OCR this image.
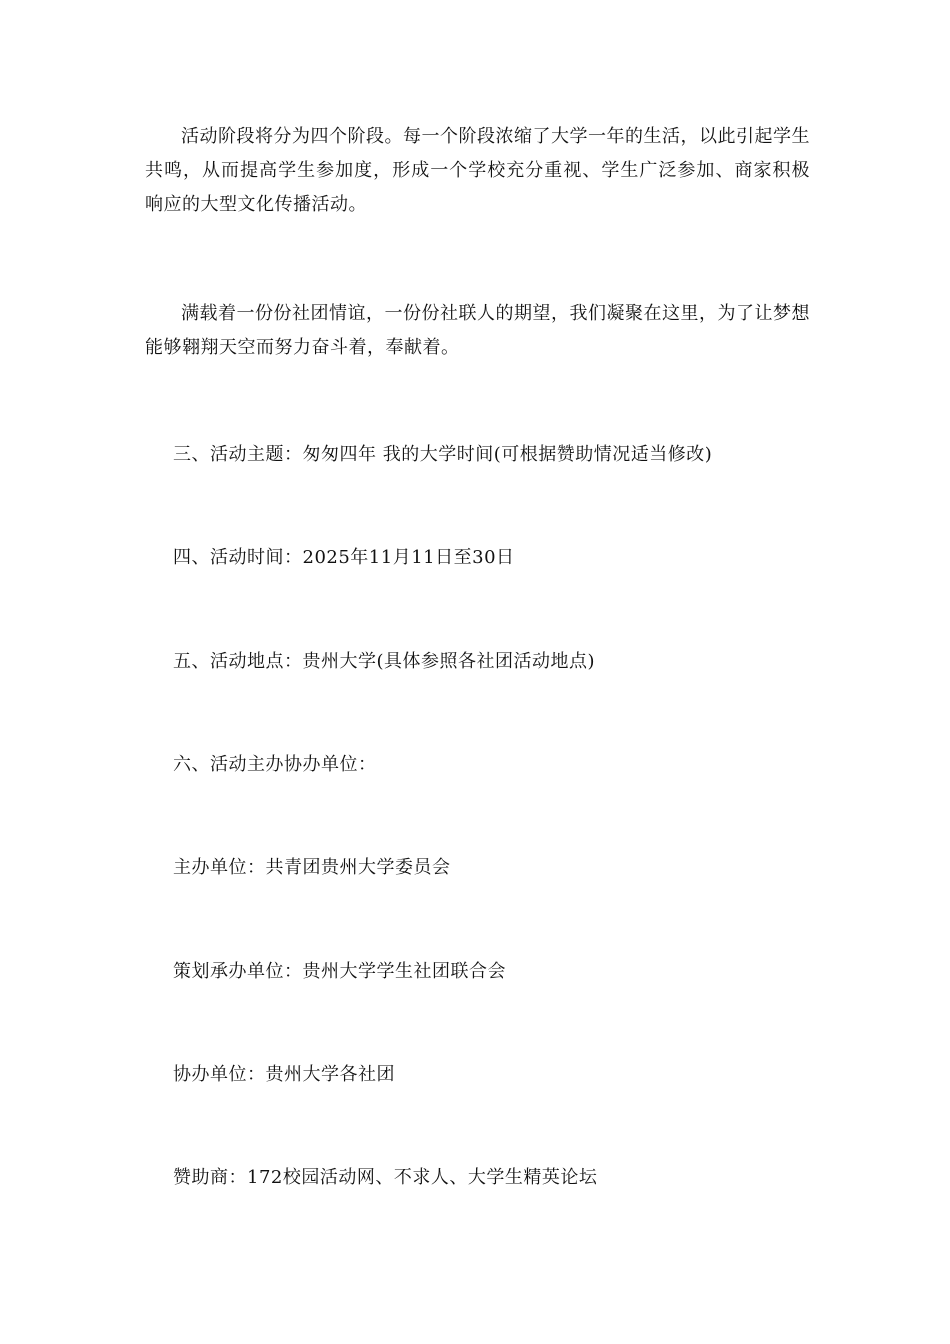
活动阶段将分为四个阶段。每一个阶段浓缩了大学一年的生活，以此引起学生共鸣，从而提高学生参加度，形成一个学校充分重视、学生广泛参加、商家积极响应的大型文化传播活动。

满载着一份份社团情谊，一份份社联人的期望，我们凝聚在这里，为了让梦想能够翱翔天空而努力奋斗着，奉献着。

三、活动主题：匆匆四年 我的大学时间(可根据赞助情况适当修改)

四、活动时间：2025年11月11日至30日

五、活动地点：贵州大学(具体参照各社团活动地点)

六、活动主办协办单位：

主办单位：共青团贵州大学委员会

策划承办单位：贵州大学学生社团联合会

协办单位：贵州大学各社团

赞助商：172校园活动网、不求人、大学生精英论坛
